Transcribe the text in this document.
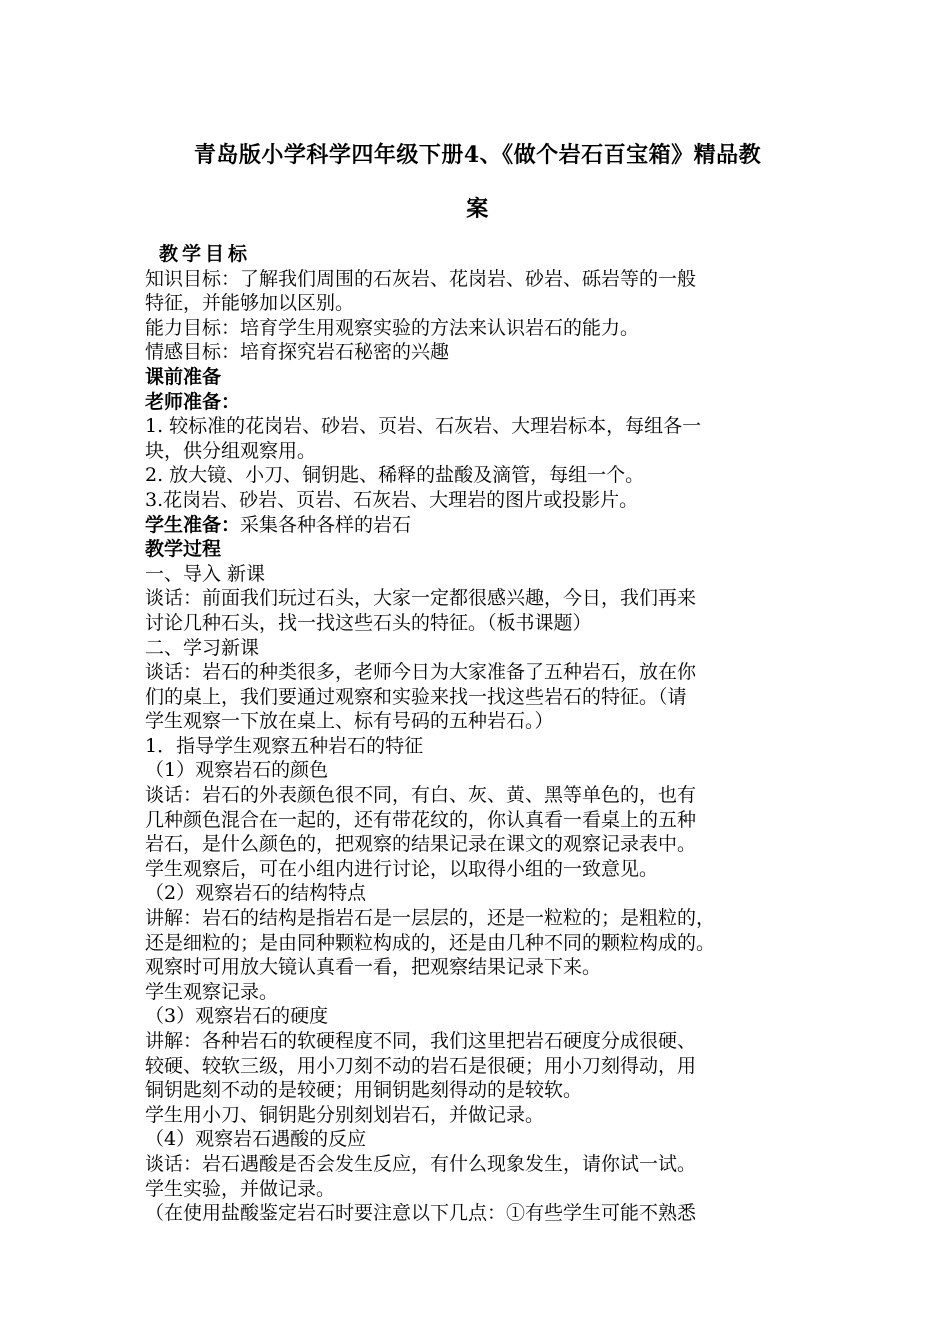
青岛版小学科学四年级下册4、《做个岩石百宝箱》精品教
案
教学目标
知识目标：了解我们周围的石灰岩、花岗岩、砂岩、砾岩等的一般
特征，并能够加以区别。
能力目标：培育学生用观察实验的方法来认识岩石的能力。
情感目标：培育探究岩石秘密的兴趣
课前准备
老师准备：
1. 较标准的花岗岩、砂岩、页岩、石灰岩、大理岩标本，每组各一
块，供分组观察用。
2. 放大镜、小刀、铜钥匙、稀释的盐酸及滴管，每组一个。
3.花岗岩、砂岩、页岩、石灰岩、大理岩的图片或投影片。
学生准备：采集各种各样的岩石
教学过程
一、导入 新课
谈话：前面我们玩过石头，大家一定都很感兴趣，今日，我们再来
讨论几种石头，找一找这些石头的特征。（板书课题）
二、学习新课
谈话：岩石的种类很多，老师今日为大家准备了五种岩石，放在你
们的桌上，我们要通过观察和实验来找一找这些岩石的特征。（请
学生观察一下放在桌上、标有号码的五种岩石。）
1．指导学生观察五种岩石的特征
（1）观察岩石的颜色
谈话：岩石的外表颜色很不同，有白、灰、黄、黑等单色的，也有
几种颜色混合在一起的，还有带花纹的，你认真看一看桌上的五种
岩石，是什么颜色的，把观察的结果记录在课文的观察记录表中。
学生观察后，可在小组内进行讨论，以取得小组的一致意见。
（2）观察岩石的结构特点
讲解：岩石的结构是指岩石是一层层的，还是一粒粒的；是粗粒的，
还是细粒的；是由同种颗粒构成的，还是由几种不同的颗粒构成的。
观察时可用放大镜认真看一看，把观察结果记录下来。
学生观察记录。
（3）观察岩石的硬度
讲解：各种岩石的软硬程度不同，我们这里把岩石硬度分成很硬、
较硬、较软三级，用小刀刻不动的岩石是很硬；用小刀刻得动，用
铜钥匙刻不动的是较硬；用铜钥匙刻得动的是较软。
学生用小刀、铜钥匙分别刻划岩石，并做记录。
（4）观察岩石遇酸的反应
谈话：岩石遇酸是否会发生反应，有什么现象发生，请你试一试。
学生实验，并做记录。
（在使用盐酸鉴定岩石时要注意以下几点：①有些学生可能不熟悉
